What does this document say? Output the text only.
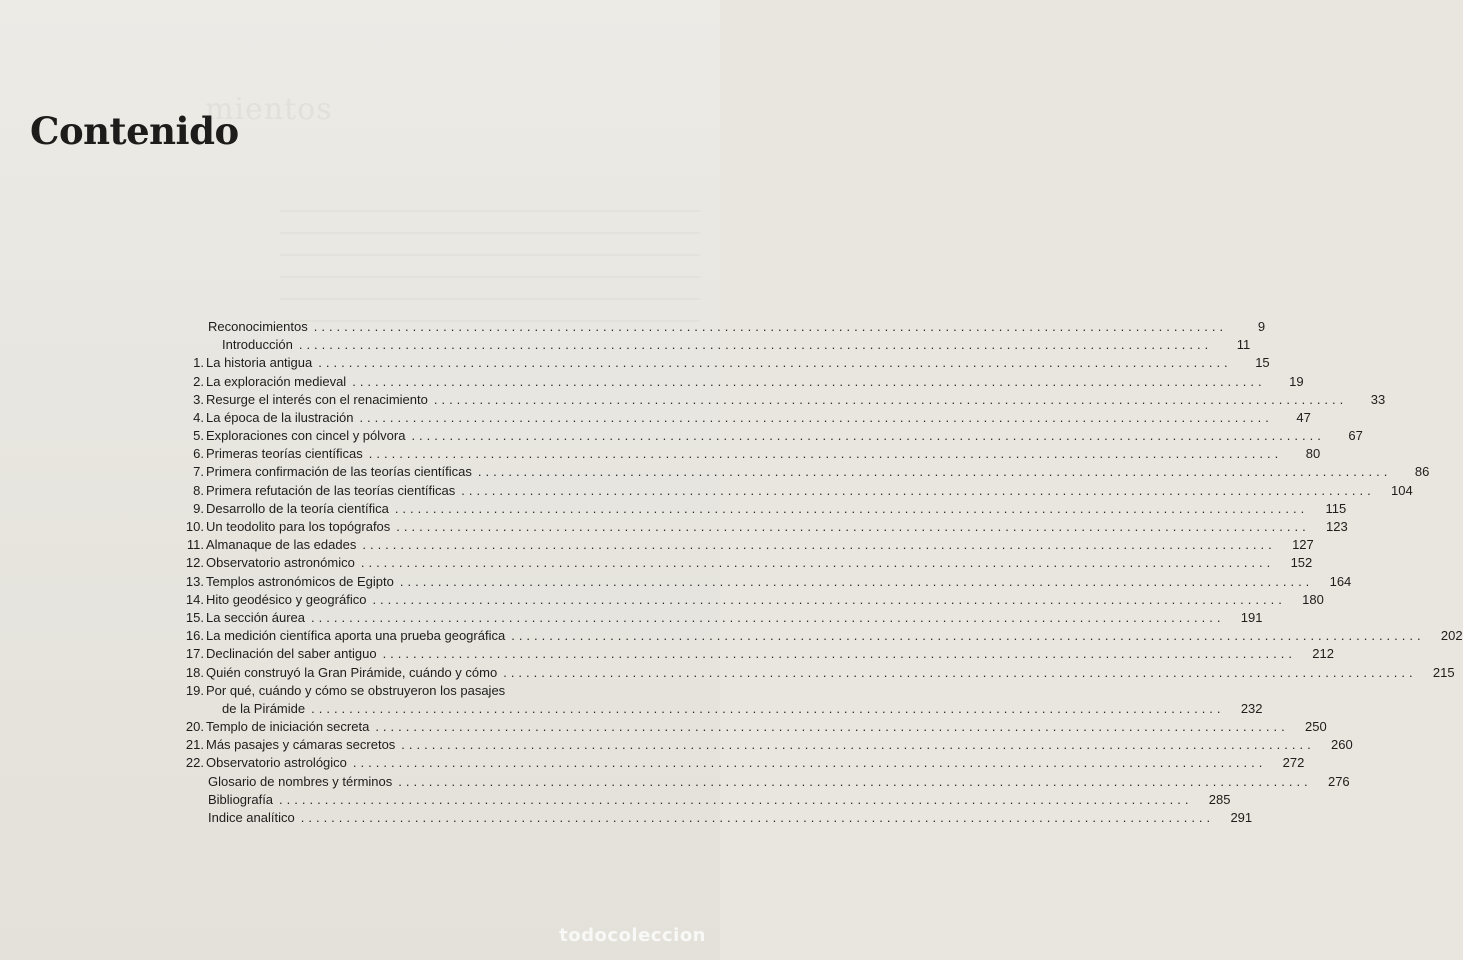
mientos
Contenido
Reconocimientos ........................................................................................................................	9
Introducción ........................................................................................................................	11
1. La historia antigua ........................................................................................................................	15
2. La exploración medieval ........................................................................................................................	19
3. Resurge el interés con el renacimiento ........................................................................................................................	33
4. La época de la ilustración ........................................................................................................................	47
5. Exploraciones con cincel y pólvora ........................................................................................................................	67
6. Primeras teorías científicas ........................................................................................................................	80
7. Primera confirmación de las teorías científicas ........................................................................................................................	86
8. Primera refutación de las teorías científicas ........................................................................................................................	104
9. Desarrollo de la teoría científica ........................................................................................................................	115
10. Un teodolito para los topógrafos ........................................................................................................................	123
11. Almanaque de las edades ........................................................................................................................	127
12. Observatorio astronómico ........................................................................................................................	152
13. Templos astronómicos de Egipto ........................................................................................................................	164
14. Hito geodésico y geográfico ........................................................................................................................	180
15. La sección áurea ........................................................................................................................	191
16. La medición científica aporta una prueba geográfica ........................................................................................................................	202
17. Declinación del saber antiguo ........................................................................................................................	212
18. Quién construyó la Gran Pirámide, cuándo y cómo ........................................................................................................................	215
19. Por qué, cuándo y cómo se obstruyeron los pasajes
de la Pirámide ........................................................................................................................	232
20. Templo de iniciación secreta ........................................................................................................................	250
21. Más pasajes y cámaras secretos ........................................................................................................................	260
22. Observatorio astrológico ........................................................................................................................	272
Glosario de nombres y términos ........................................................................................................................	276
Bibliografía ........................................................................................................................	285
Indice analítico ........................................................................................................................	291
todocoleccion
